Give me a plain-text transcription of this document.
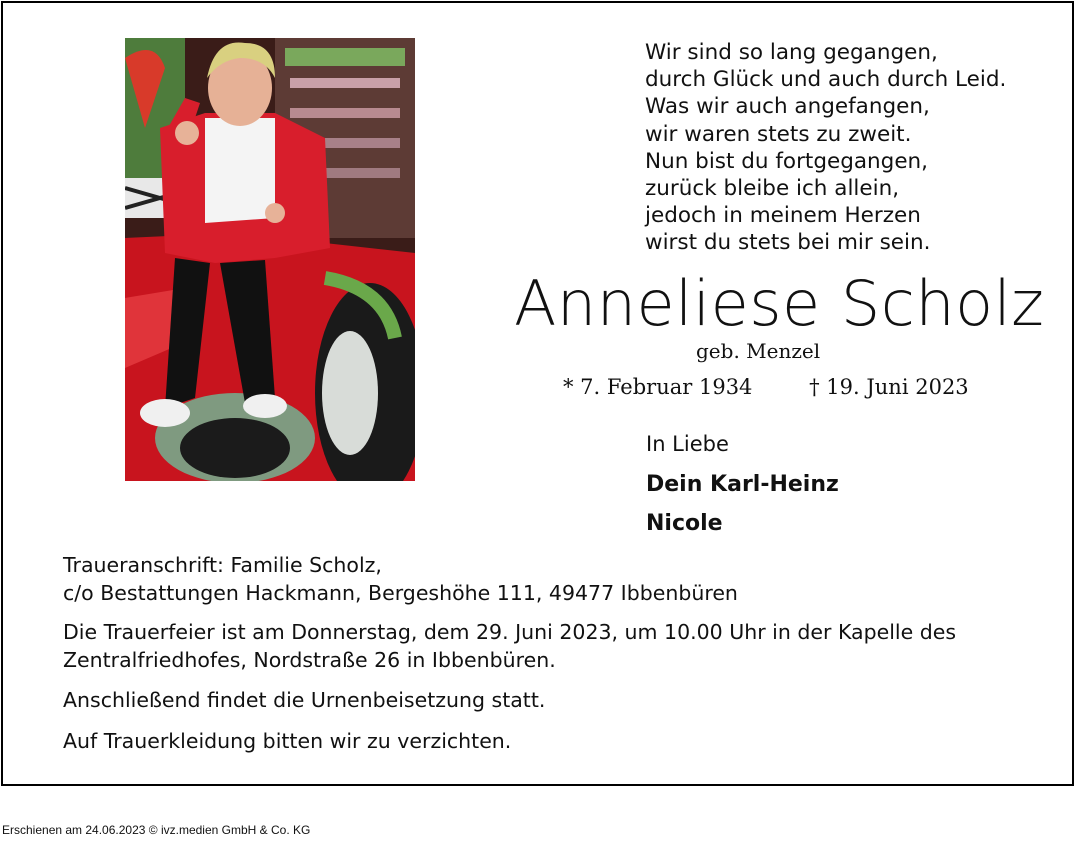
Wir sind so lang gegangen,
durch Glück und auch durch Leid.
Was wir auch angefangen,
wir waren stets zu zweit.
Nun bist du fortgegangen,
zurück bleibe ich allein,
jedoch in meinem Herzen
wirst du stets bei mir sein.
Anneliese Scholz
geb. Menzel
* 7. Februar 1934	† 19. Juni 2023
In Liebe
Dein Karl-Heinz
Nicole
Traueranschrift: Familie Scholz,
c/o Bestattungen Hackmann, Bergeshöhe 111, 49477 Ibbenbüren
Die Trauerfeier ist am Donnerstag, dem 29. Juni 2023, um 10.00 Uhr in der Kapelle des
Zentralfriedhofes, Nordstraße 26 in Ibbenbüren.
Anschließend findet die Urnenbeisetzung statt.
Auf Trauerkleidung bitten wir zu verzichten.
Erschienen am 24.06.2023 © ivz.medien GmbH & Co. KG
